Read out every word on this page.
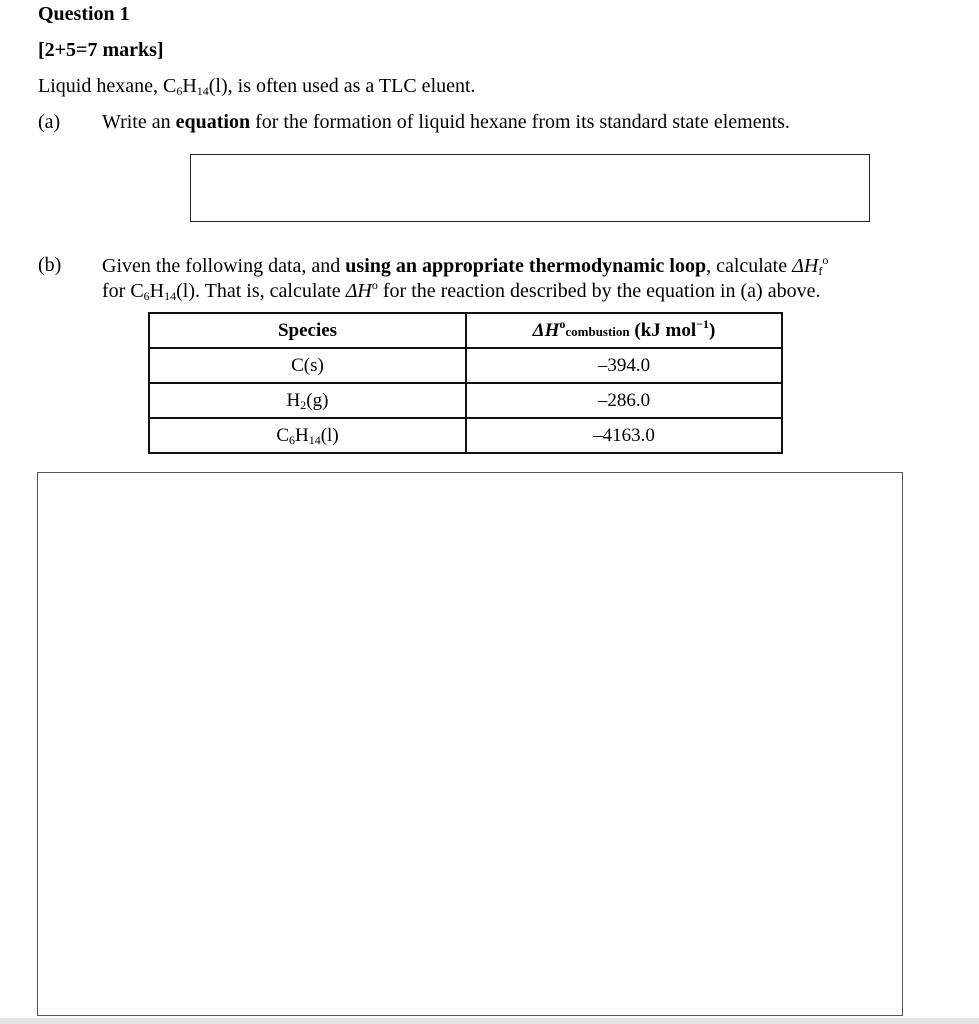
Question 1
[2+5=7 marks]
Liquid hexane, $C_6H_{14}(l)$, is often used as a TLC eluent.
(a) Write an equation for the formation of liquid hexane from its standard state elements.
(b) Given the following data, and using an appropriate thermodynamic loop, calculate $\Delta H_f^o$
for $C_6H_{14}(l)$. That is, calculate $\Delta H^o$ for the reaction described by the equation in (a) above.
Species	$\Delta H^ocombustion$ (kJ mol$^{-1}$)
C(s)	–394.0
$H_2(g)$	–286.0
$C_6H_{14}(l)$	–4163.0
